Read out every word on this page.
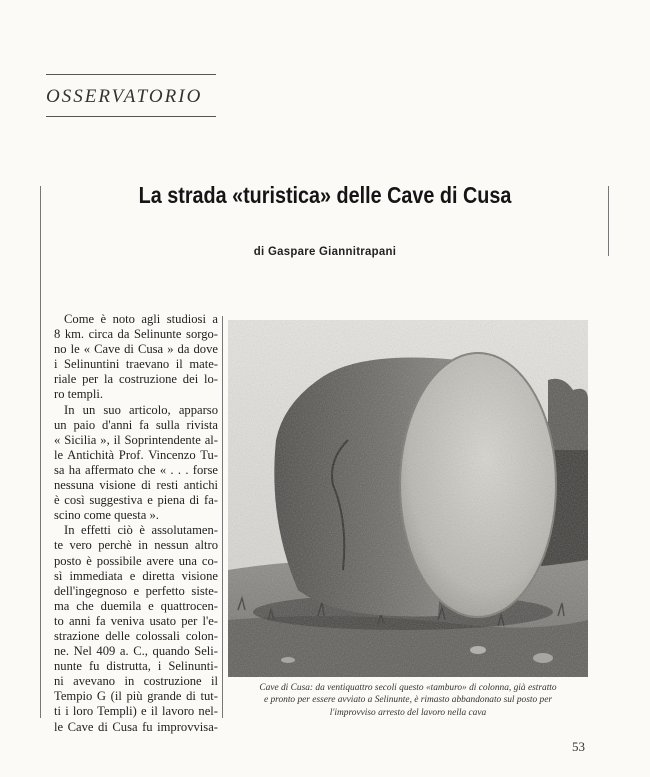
OSSERVATORIO
La strada «turistica» delle Cave di Cusa
di Gaspare Giannitrapani
Come è noto agli studiosi a
8 km. circa da Selinunte sorgo-
no le « Cave di Cusa » da dove
i Selinuntini traevano il mate-
riale per la costruzione dei lo-
ro templi.
In un suo articolo, apparso
un paio d'anni fa sulla rivista
« Sicilia », il Soprintendente al-
le Antichità Prof. Vincenzo Tu-
sa ha affermato che « . . . forse
nessuna visione di resti antichi
è così suggestiva e piena di fa-
scino come questa ».
In effetti ciò è assolutamen-
te vero perchè in nessun altro
posto è possibile avere una co-
sì immediata e diretta visione
dell'ingegnoso e perfetto siste-
ma che duemila e quattrocen-
to anni fa veniva usato per l'e-
strazione delle colossali colon-
ne. Nel 409 a. C., quando Seli-
nunte fu distrutta, i Selinunti-
ni avevano in costruzione il
Tempio G (il più grande di tut-
ti i loro Templi) e il lavoro nel-
le Cave di Cusa fu improvvisa-
Cave di Cusa: da ventiquattro secoli questo «tamburo» di colonna, già estratto
e pronto per essere avviato a Selinunte, è rimasto abbandonato sul posto per
l'improvviso arresto del lavoro nella cava
53
